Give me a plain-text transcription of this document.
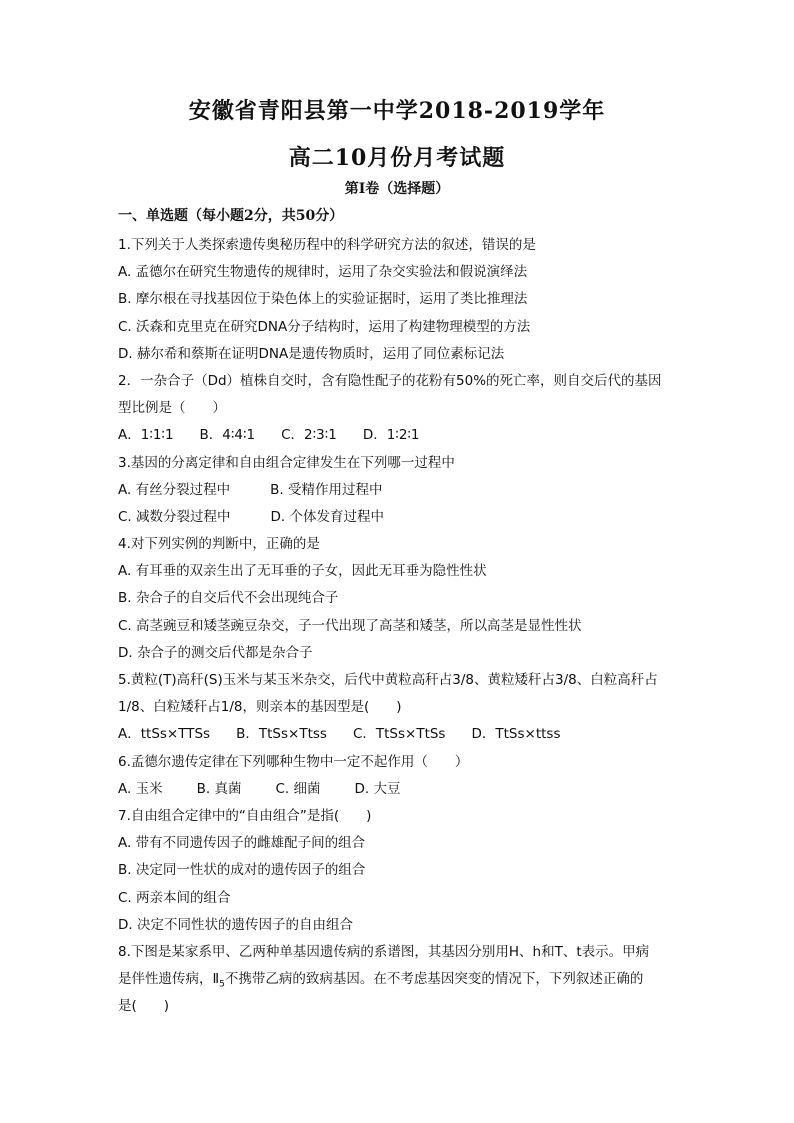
安徽省青阳县第一中学2018-2019学年
高二10月份月考试题
第I卷（选择题）
一、单选题（每小题2分，共50分）
1.下列关于人类探索遗传奥秘历程中的科学研究方法的叙述，错误的是
A. 孟德尔在研究生物遗传的规律时，运用了杂交实验法和假说演绎法
B. 摩尔根在寻找基因位于染色体上的实验证据时，运用了类比推理法
C. 沃森和克里克在研究DNA分子结构时，运用了构建物理模型的方法
D. 赫尔希和蔡斯在证明DNA是遗传物质时，运用了同位素标记法
2．一杂合子（Dd）植株自交时，含有隐性配子的花粉有50%的死亡率，则自交后代的基因
型比例是（　　）
A．1∶1∶1 B．4∶4∶1 C．2∶3∶1 D．1∶2∶1
3.基因的分离定律和自由组合定律发生在下列哪一过程中
A. 有丝分裂过程中	B. 受精作用过程中
C. 减数分裂过程中	D. 个体发育过程中
4.对下列实例的判断中，正确的是
A. 有耳垂的双亲生出了无耳垂的子女，因此无耳垂为隐性性状
B. 杂合子的自交后代不会出现纯合子
C. 高茎豌豆和矮茎豌豆杂交，子一代出现了高茎和矮茎，所以高茎是显性性状
D. 杂合子的测交后代都是杂合子
5.黄粒(T)高秆(S)玉米与某玉米杂交，后代中黄粒高秆占3/8、黄粒矮秆占3/8、白粒高秆占
1/8、白粒矮秆占1/8，则亲本的基因型是(　　)
A．ttSs×TTSs B．TtSs×Ttss C．TtSs×TtSs D．TtSs×ttss
6.孟德尔遗传定律在下列哪种生物中一定不起作用（　　）
A. 玉米	B. 真菌	C. 细菌	D. 大豆
7.自由组合定律中的“自由组合”是指(　　)
A. 带有不同遗传因子的雌雄配子间的组合
B. 决定同一性状的成对的遗传因子的组合
C. 两亲本间的组合
D. 决定不同性状的遗传因子的自由组合
8.下图是某家系甲、乙两种单基因遗传病的系谱图，其基因分别用H、h和T、t表示。甲病
是伴性遗传病，$Ⅱ_5$不携带乙病的致病基因。在不考虑基因突变的情况下，下列叙述正确的
是(　　)
